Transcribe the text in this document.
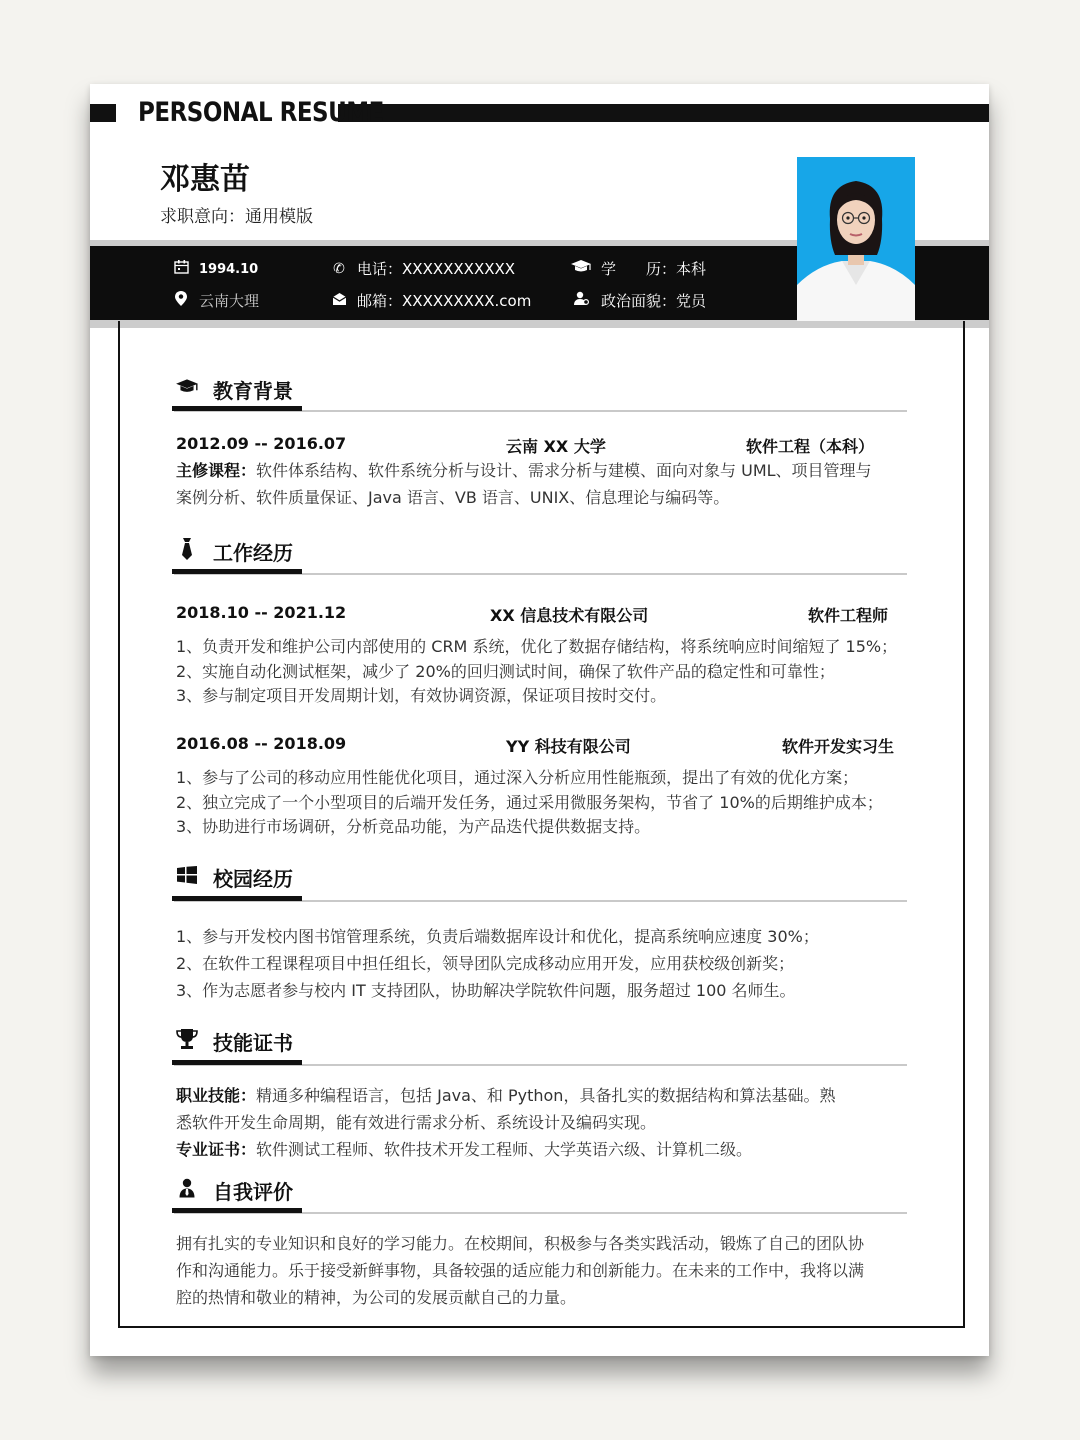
PERSONAL RESUME
邓惠苗
求职意向：通用模版
1994.10	✆ 电话： XXXXXXXXXXX	学　　历： 本科
云南大理	邮箱： XXXXXXXXX.com	政治面貌： 党员
教育背景
2012.09 -- 2016.07	云南 XX 大学	软件工程（本科）
主修课程：软件体系结构、软件系统分析与设计、需求分析与建模、面向对象与 UML、项目管理与
案例分析、软件质量保证、Java 语言、VB 语言、UNIX、信息理论与编码等。
工作经历
2018.10 -- 2021.12	XX 信息技术有限公司	软件工程师
1、负责开发和维护公司内部使用的 CRM 系统，优化了数据存储结构，将系统响应时间缩短了 15%；
2、实施自动化测试框架，减少了 20%的回归测试时间，确保了软件产品的稳定性和可靠性；
3、参与制定项目开发周期计划，有效协调资源，保证项目按时交付。
2016.08 -- 2018.09	YY 科技有限公司	软件开发实习生
1、参与了公司的移动应用性能优化项目，通过深入分析应用性能瓶颈，提出了有效的优化方案；
2、独立完成了一个小型项目的后端开发任务，通过采用微服务架构，节省了 10%的后期维护成本；
3、协助进行市场调研，分析竞品功能，为产品迭代提供数据支持。
校园经历
1、参与开发校内图书馆管理系统，负责后端数据库设计和优化，提高系统响应速度 30%；
2、在软件工程课程项目中担任组长，领导团队完成移动应用开发，应用获校级创新奖；
3、作为志愿者参与校内 IT 支持团队，协助解决学院软件问题，服务超过 100 名师生。
技能证书
职业技能：精通多种编程语言，包括 Java、和 Python，具备扎实的数据结构和算法基础。熟
悉软件开发生命周期，能有效进行需求分析、系统设计及编码实现。
专业证书：软件测试工程师、软件技术开发工程师、大学英语六级、计算机二级。
自我评价
拥有扎实的专业知识和良好的学习能力。在校期间，积极参与各类实践活动，锻炼了自己的团队协
作和沟通能力。乐于接受新鲜事物，具备较强的适应能力和创新能力。在未来的工作中，我将以满
腔的热情和敬业的精神，为公司的发展贡献自己的力量。
